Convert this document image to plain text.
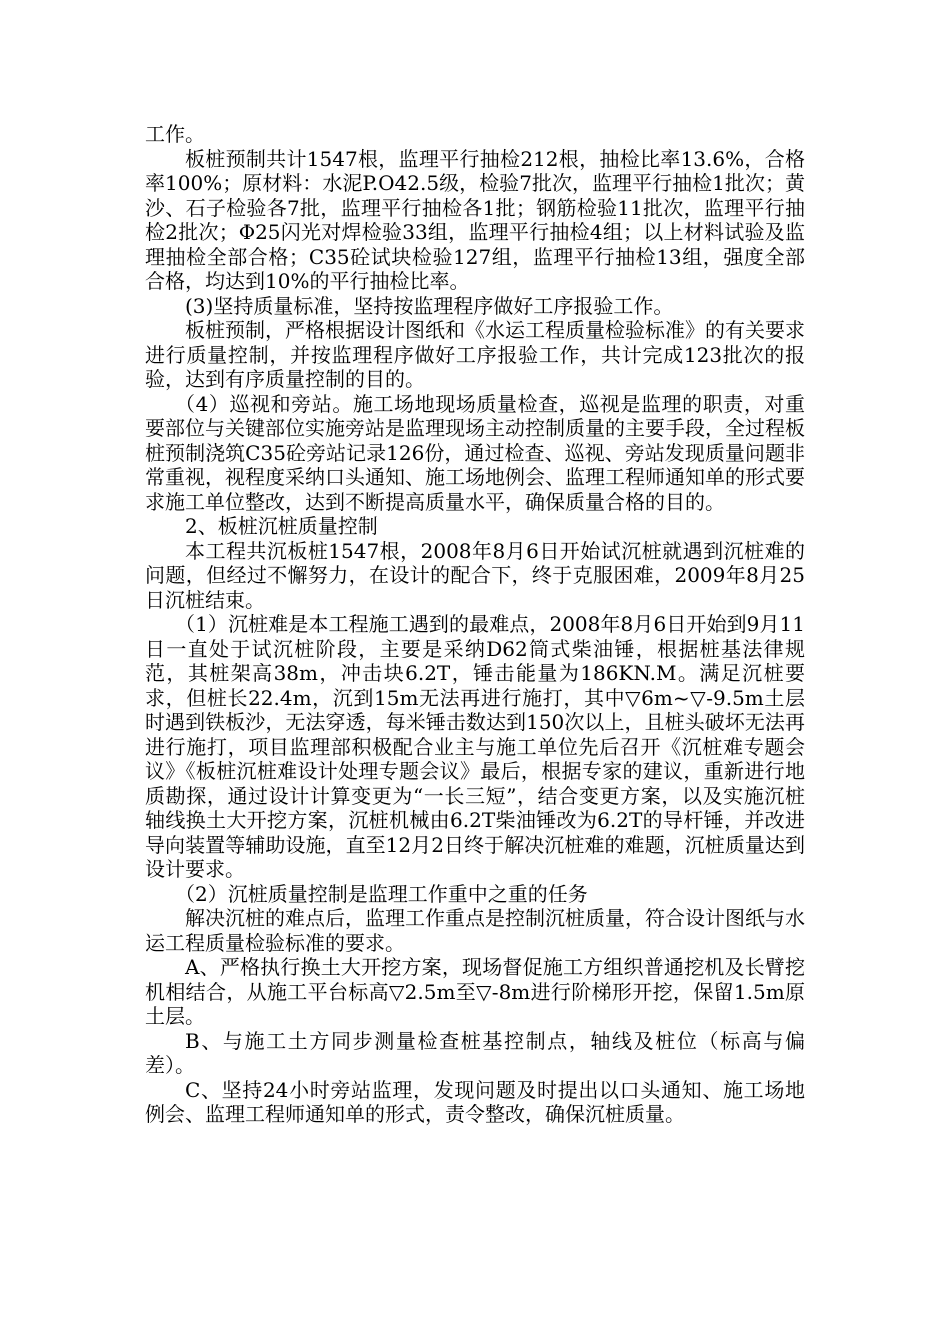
工作。

板桩预制共计1547根，监理平行抽检212根，抽检比率13.6%，合格率100%；原材料：水泥P.O42.5级，检验7批次，监理平行抽检1批次；黄沙、石子检验各7批，监理平行抽检各1批；钢筋检验11批次，监理平行抽检2批次；Φ25闪光对焊检验33组，监理平行抽检4组；以上材料试验及监理抽检全部合格；C35砼试块检验127组，监理平行抽检13组，强度全部合格，均达到10%的平行抽检比率。

(3)坚持质量标准，坚持按监理程序做好工序报验工作。

板桩预制，严格根据设计图纸和《水运工程质量检验标准》的有关要求进行质量控制，并按监理程序做好工序报验工作，共计完成123批次的报验，达到有序质量控制的目的。

（4）巡视和旁站。施工场地现场质量检查，巡视是监理的职责，对重要部位与关键部位实施旁站是监理现场主动控制质量的主要手段，全过程板桩预制浇筑C35砼旁站记录126份，通过检查、巡视、旁站发现质量问题非常重视，视程度采纳口头通知、施工场地例会、监理工程师通知单的形式要求施工单位整改，达到不断提高质量水平，确保质量合格的目的。

2、板桩沉桩质量控制

本工程共沉板桩1547根，2008年8月6日开始试沉桩就遇到沉桩难的问题，但经过不懈努力，在设计的配合下，终于克服困难，2009年8月25日沉桩结束。

（1）沉桩难是本工程施工遇到的最难点，2008年8月6日开始到9月11日一直处于试沉桩阶段，主要是采纳D62筒式柴油锤，根据桩基法律规范，其桩架高38m，冲击块6.2T，锤击能量为186KN.M。满足沉桩要求，但桩长22.4m，沉到15m无法再进行施打，其中▽6m~▽-9.5m土层时遇到铁板沙，无法穿透，每米锤击数达到150次以上，且桩头破坏无法再进行施打，项目监理部积极配合业主与施工单位先后召开《沉桩难专题会议》《板桩沉桩难设计处理专题会议》最后，根据专家的建议，重新进行地质勘探，通过设计计算变更为“一长三短”，结合变更方案，以及实施沉桩轴线换土大开挖方案，沉桩机械由6.2T柴油锤改为6.2T的导杆锤，并改进导向装置等辅助设施，直至12月2日终于解决沉桩难的难题，沉桩质量达到设计要求。

（2）沉桩质量控制是监理工作重中之重的任务

解决沉桩的难点后，监理工作重点是控制沉桩质量，符合设计图纸与水运工程质量检验标准的要求。

A、严格执行换土大开挖方案，现场督促施工方组织普通挖机及长臂挖机相结合，从施工平台标高▽2.5m至▽-8m进行阶梯形开挖，保留1.5m原土层。

B、与施工土方同步测量检查桩基控制点，轴线及桩位（标高与偏差）。

C、坚持24小时旁站监理，发现问题及时提出以口头通知、施工场地例会、监理工程师通知单的形式，责令整改，确保沉桩质量。
